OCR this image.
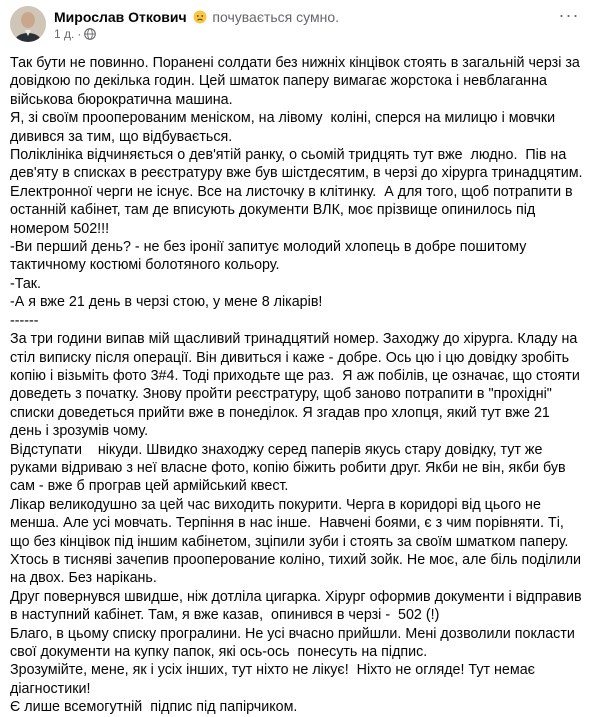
Мирослав Откович почувається сумно.
1 д. ·
···
Так бути не повинно. Поранені солдати без нижніх кінцівок стоять в загальній черзі за довідкою по декілька годин. Цей шматок паперу вимагає жорстока і невблаганна військова бюрократична машина.
Я, зі своїм прооперованим меніском, на лівому  коліні, сперся на милицю і мовчки дивився за тим, що відбувається.
Поліклініка відчиняється о дев'ятій ранку, о сьомій тридцять тут вже  людно.  Пів на дев'яту в списках в реєстратуру вже був шістдесятим, в черзі до хірурга тринадцятим. Електронної черги не існує. Все на листочку в клітинку.  А для того, щоб потрапити в останній кабінет, там де вписують документи ВЛК, моє прізвище опинилось під номером 502!!!
-Ви перший день? - не без іронії запитує молодий хлопець в добре пошитому  тактичному костюмі болотяного кольору.
-Так.
-А я вже 21 день в черзі стою, у мене 8 лікарів!
------
За три години випав мій щасливий тринадцятий номер. Заходжу до хірурга. Кладу на стіл виписку після операції. Він дивиться і каже - добре. Ось цю і цю довідку зробіть копію і візьміть фото 3#4. Тоді приходьте ще раз.  Я аж побілів, це означає, що стояти доведеть з початку. Знову пройти реєстратуру, щоб заново потрапити в "прохідні" списки доведеться прийти вже в понеділок. Я згадав про хлопця, який тут вже 21 день і зрозумів чому.
Відступати    нікуди. Швидко знаходжу серед паперів якусь стару довідку, тут же руками відриваю з неї власне фото, копію біжить робити друг. Якби не він, якби був сам - вже б програв цей армійський квест.
Лікар великодушно за цей час виходить покурити. Черга в коридорі від цього не менша. Але усі мовчать. Терпіння в нас інше.  Навчені боями, є з чим порівняти. Ті, що без кінцівок під іншим кабінетом, зціпили зуби і стоять за своїм шматком паперу. Хтось в тисняві зачепив прооперование коліно, тихий зойк. Не моє, але біль поділили на двох. Без нарікань.
Друг повернувся швидше, ніж дотліла цигарка. Хірург оформив документи і відправив в наступний кабінет. Там, я вже казав,  опинився в черзі -  502 (!)
Благо, в цьому списку програлини. Не усі вчасно прийшли. Мені дозволили покласти свої документи на купку папок, які ось-ось  понесуть на підпис.
Зрозумійте, мене, як і усіх інших, тут ніхто не лікує!  Ніхто не огляде! Тут немає діагностики!
Є лише всемогутній  підпис під папірчиком.
